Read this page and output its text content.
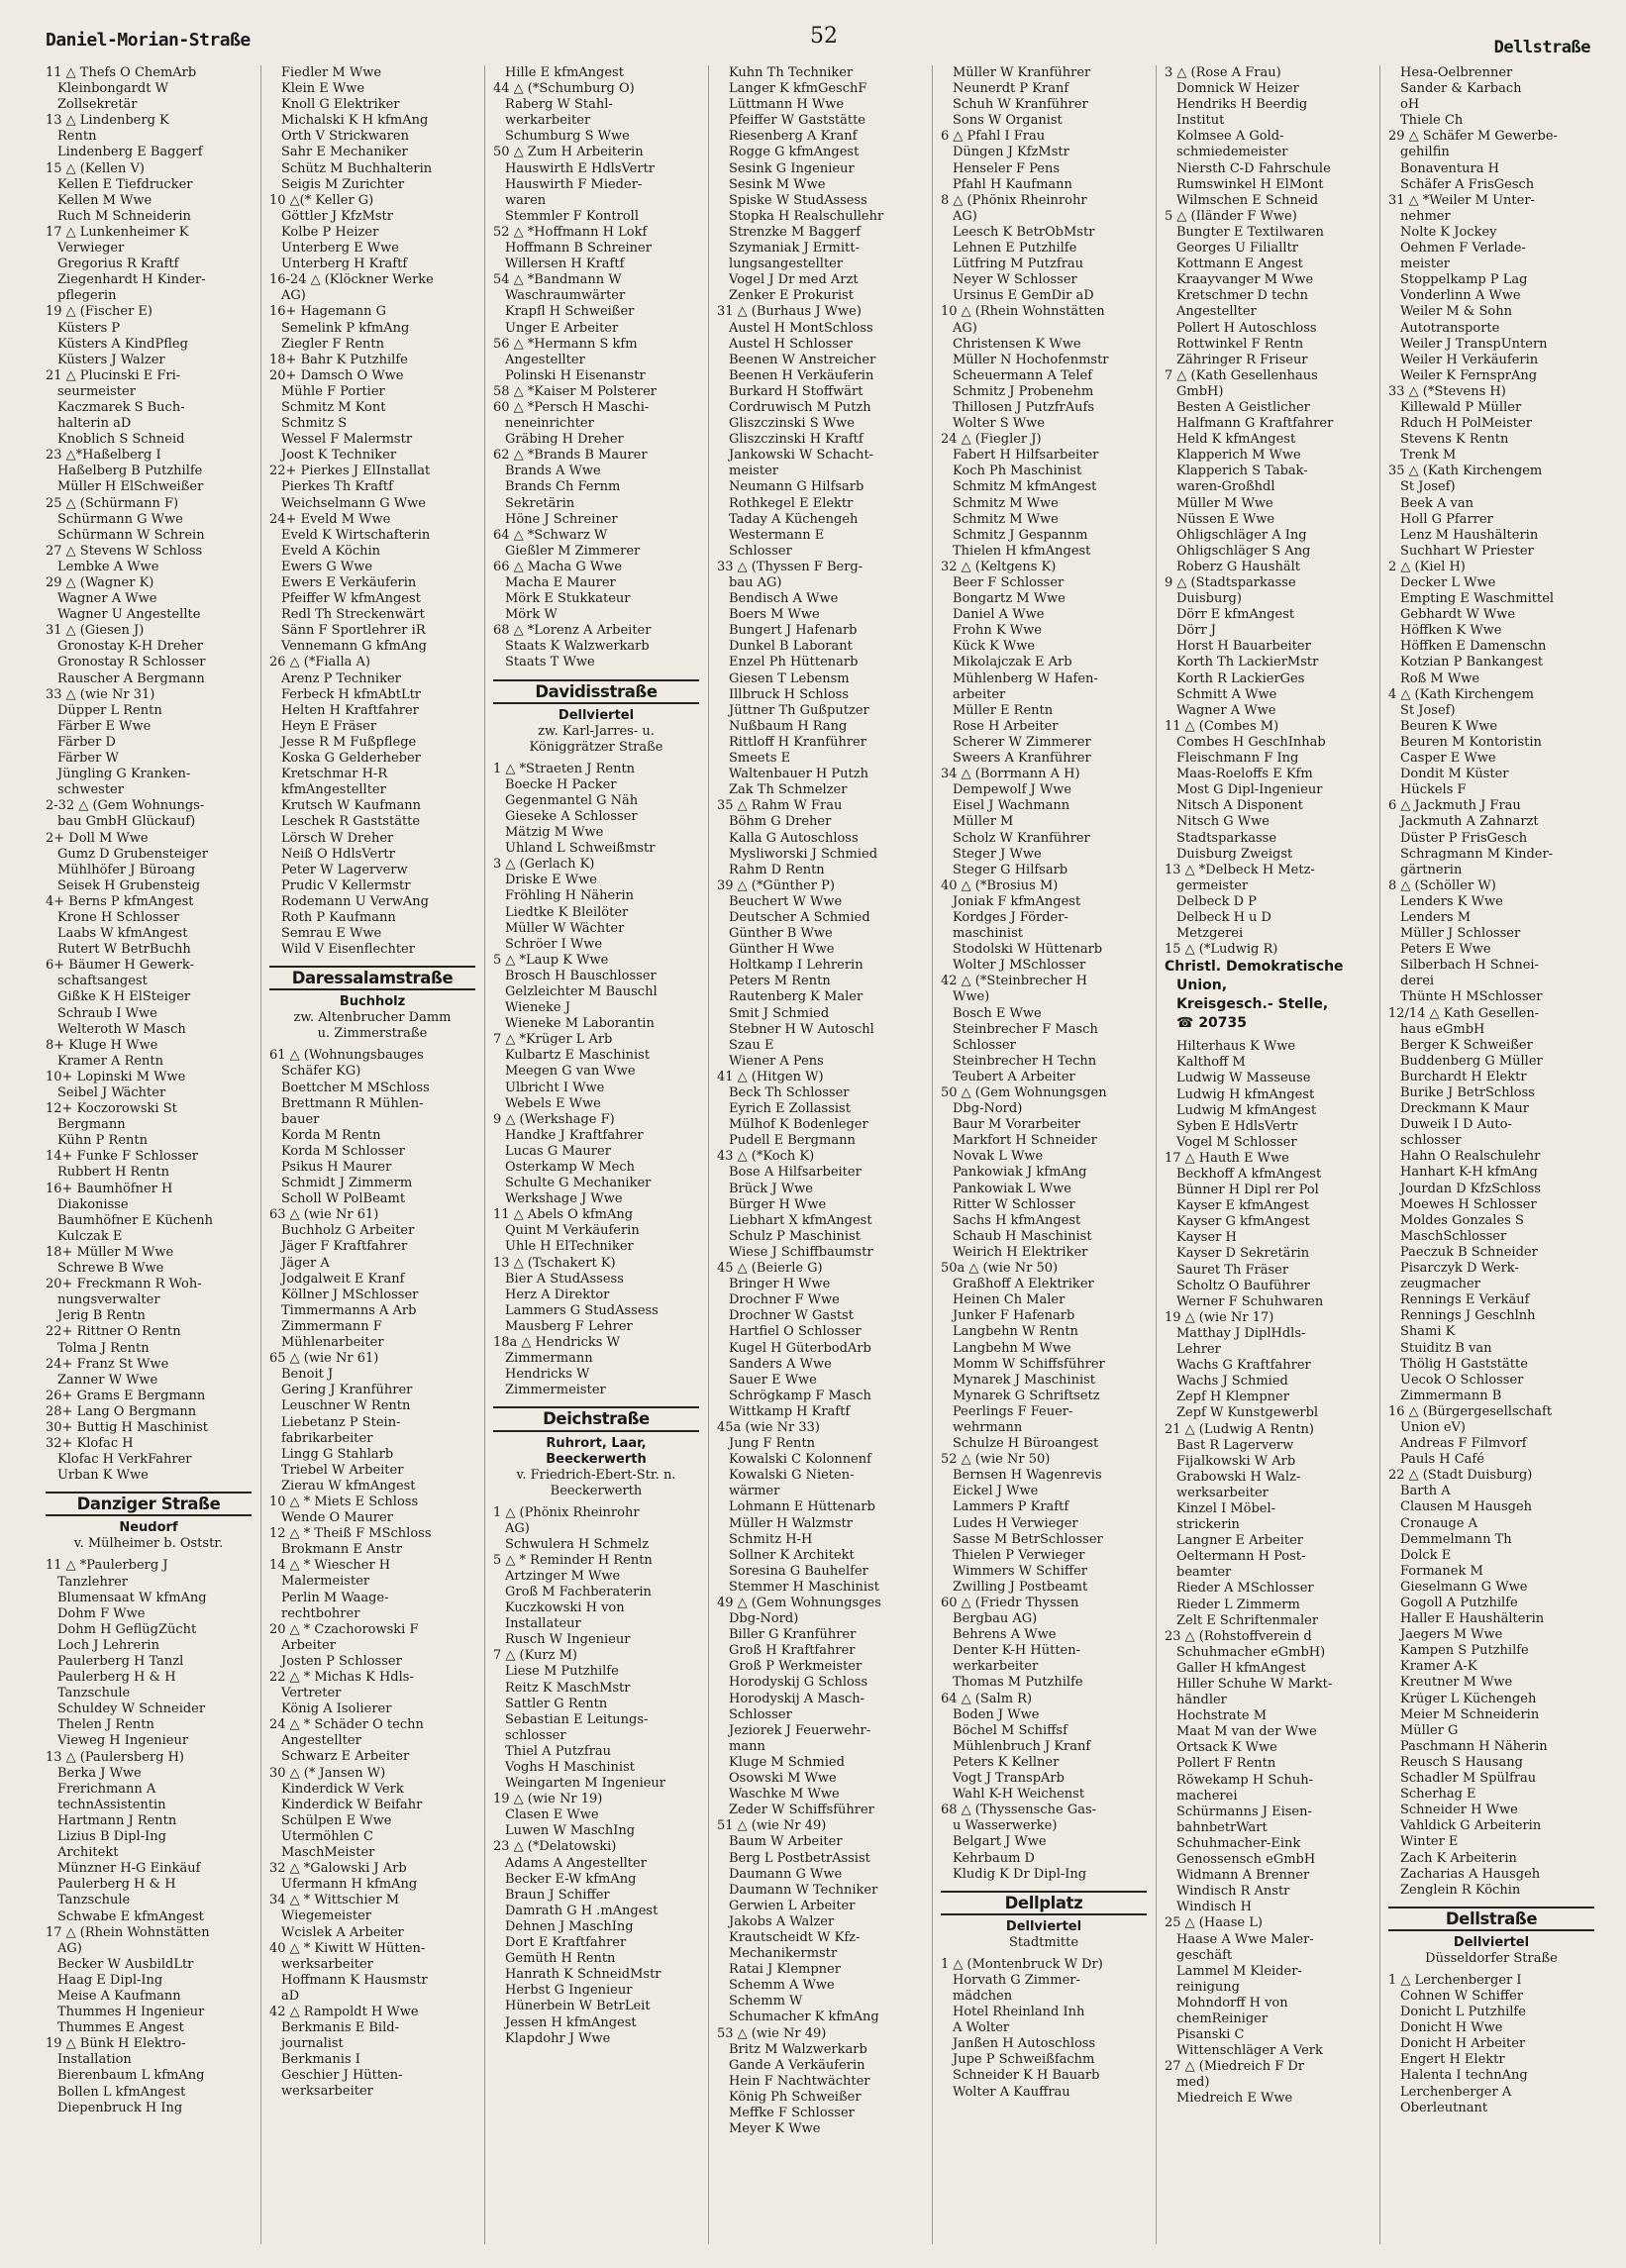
Daniel-Morian-Straße	52	Dellstraße
11 △ Thefs O ChemArb
Kleinbongardt W
Zollsekretär
13 △ Lindenberg K
Rentn
Lindenberg E Baggerf
15 △ (Kellen V)
Kellen E Tiefdrucker
Kellen M Wwe
Ruch M Schneiderin
17 △ Lunkenheimer K
Verwieger
Gregorius R Kraftf
Ziegenhardt H Kinder-
pflegerin
19 △ (Fischer E)
Küsters P
Küsters A KindPfleg
Küsters J Walzer
21 △ Plucinski E Fri-
seurmeister
Kaczmarek S Buch-
halterin aD
Knoblich S Schneid
23 △*Haßelberg I
Haßelberg B Putzhilfe
Müller H ElSchweißer
25 △ (Schürmann F)
Schürmann G Wwe
Schürmann W Schrein
27 △ Stevens W Schloss
Lembke A Wwe
29 △ (Wagner K)
Wagner A Wwe
Wagner U Angestellte
31 △ (Giesen J)
Gronostay K-H Dreher
Gronostay R Schlosser
Rauscher A Bergmann
33 △ (wie Nr 31)
Düpper L Rentn
Färber E Wwe
Färber D
Färber W
Jüngling G Kranken-
schwester
2-32 △ (Gem Wohnungs-
bau GmbH Glückauf)
2+ Doll M Wwe
Gumz D Grubensteiger
Mühlhöfer J Büroang
Seisek H Grubensteig
4+ Berns P kfmAngest
Krone H Schlosser
Laabs W kfmAngest
Rutert W BetrBuchh
6+ Bäumer H Gewerk-
schaftsangest
Gißke K H ElSteiger
Schraub I Wwe
Welteroth W Masch
8+ Kluge H Wwe
Kramer A Rentn
10+ Lopinski M Wwe
Seibel J Wächter
12+ Koczorowski St
Bergmann
Kühn P Rentn
14+ Funke F Schlosser
Rubbert H Rentn
16+ Baumhöfner H
Diakonisse
Baumhöfner E Küchenh
Kulczak E
18+ Müller M Wwe
Schrewe B Wwe
20+ Freckmann R Woh-
nungsverwalter
Jerig B Rentn
22+ Rittner O Rentn
Tolma J Rentn
24+ Franz St Wwe
Zanner W Wwe
26+ Grams E Bergmann
28+ Lang O Bergmann
30+ Buttig H Maschinist
32+ Klofac H
Klofac H VerkFahrer
Urban K Wwe
Danziger Straße
Neudorf
v. Mülheimer b. Oststr.
11 △ *Paulerberg J
Tanzlehrer
Blumensaat W kfmAng
Dohm F Wwe
Dohm H GeflügZücht
Loch J Lehrerin
Paulerberg H Tanzl
Paulerberg H & H
Tanzschule
Schuldey W Schneider
Thelen J Rentn
Vieweg H Ingenieur
13 △ (Paulersberg H)
Berka J Wwe
Frerichmann A
technAssistentin
Hartmann J Rentn
Lizius B Dipl-Ing
Architekt
Münzner H-G Einkäuf
Paulerberg H & H
Tanzschule
Schwabe E kfmAngest
17 △ (Rhein Wohnstätten
AG)
Becker W AusbildLtr
Haag E Dipl-Ing
Meise A Kaufmann
Thummes H Ingenieur
Thummes E Angest
19 △ Bünk H Elektro-
Installation
Bierenbaum L kfmAng
Bollen L kfmAngest
Diepenbruck H Ing
Fiedler M Wwe
Klein E Wwe
Knoll G Elektriker
Michalski K H kfmAng
Orth V Strickwaren
Sahr E Mechaniker
Schütz M Buchhalterin
Seigis M Zurichter
10 △(* Keller G)
Göttler J KfzMstr
Kolbe P Heizer
Unterberg E Wwe
Unterberg H Kraftf
16-24 △ (Klöckner Werke
AG)
16+ Hagemann G
Semelink P kfmAng
Ziegler F Rentn
18+ Bahr K Putzhilfe
20+ Damsch O Wwe
Mühle F Portier
Schmitz M Kont
Schmitz S
Wessel F Malermstr
Joost K Techniker
22+ Pierkes J ElInstallat
Pierkes Th Kraftf
Weichselmann G Wwe
24+ Eveld M Wwe
Eveld K Wirtschafterin
Eveld A Köchin
Ewers G Wwe
Ewers E Verkäuferin
Pfeiffer W kfmAngest
Redl Th Streckenwärt
Sänn F Sportlehrer iR
Vennemann G kfmAng
26 △ (*Fialla A)
Arenz P Techniker
Ferbeck H kfmAbtLtr
Helten H Kraftfahrer
Heyn E Fräser
Jesse R M Fußpflege
Koska G Gelderheber
Kretschmar H-R
kfmAngestellter
Krutsch W Kaufmann
Leschek R Gaststätte
Lörsch W Dreher
Neiß O HdlsVertr
Peter W Lagerverw
Prudic V Kellermstr
Rodemann U VerwAng
Roth P Kaufmann
Semrau E Wwe
Wild V Eisenflechter
Daressalamstraße
Buchholz
zw. Altenbrucher Damm
u. Zimmerstraße
61 △ (Wohnungsbauges
Schäfer KG)
Boettcher M MSchloss
Brettmann R Mühlen-
bauer
Korda M Rentn
Korda M Schlosser
Psikus H Maurer
Schmidt J Zimmerm
Scholl W PolBeamt
63 △ (wie Nr 61)
Buchholz G Arbeiter
Jäger F Kraftfahrer
Jäger A
Jodgalweit E Kranf
Köllner J MSchlosser
Timmermanns A Arb
Zimmermann F
Mühlenarbeiter
65 △ (wie Nr 61)
Benoit J
Gering J Kranführer
Leuschner W Rentn
Liebetanz P Stein-
fabrikarbeiter
Lingg G Stahlarb
Triebel W Arbeiter
Zierau W kfmAngest
10 △ * Miets E Schloss
Wende O Maurer
12 △ * Theiß F MSchloss
Brokmann E Anstr
14 △ * Wiescher H
Malermeister
Perlin M Waage-
rechtbohrer
20 △ * Czachorowski F
Arbeiter
Josten P Schlosser
22 △ * Michas K Hdls-
Vertreter
König A Isolierer
24 △ * Schäder O techn
Angestellter
Schwarz E Arbeiter
30 △ (* Jansen W)
Kinderdick W Verk
Kinderdick W Beifahr
Schülpen E Wwe
Utermöhlen C
MaschMeister
32 △ *Galowski J Arb
Ufermann H kfmAng
34 △ * Wittschier M
Wiegemeister
Wcislek A Arbeiter
40 △ * Kiwitt W Hütten-
werksarbeiter
Hoffmann K Hausmstr
aD
42 △ Rampoldt H Wwe
Berkmanis E Bild-
journalist
Berkmanis I
Geschier J Hütten-
werksarbeiter
Hille E kfmAngest
44 △ (*Schumburg O)
Raberg W Stahl-
werkarbeiter
Schumburg S Wwe
50 △ Zum H Arbeiterin
Hauswirth E HdlsVertr
Hauswirth F Mieder-
waren
Stemmler F Kontroll
52 △ *Hoffmann H Lokf
Hoffmann B Schreiner
Willersen H Kraftf
54 △ *Bandmann W
Waschraumwärter
Krapfl H Schweißer
Unger E Arbeiter
56 △ *Hermann S kfm
Angestellter
Polinski H Eisenanstr
58 △ *Kaiser M Polsterer
60 △ *Persch H Maschi-
neneinrichter
Gräbing H Dreher
62 △ *Brands B Maurer
Brands A Wwe
Brands Ch Fernm
Sekretärin
Höne J Schreiner
64 △ *Schwarz W
Gießler M Zimmerer
66 △ Macha G Wwe
Macha E Maurer
Mörk E Stukkateur
Mörk W
68 △ *Lorenz A Arbeiter
Staats K Walzwerkarb
Staats T Wwe
Davidisstraße
Dellviertel
zw. Karl-Jarres- u.
Königgrätzer Straße
1 △ *Straeten J Rentn
Boecke H Packer
Gegenmantel G Näh
Gieseke A Schlosser
Mätzig M Wwe
Uhland L Schweißmstr
3 △ (Gerlach K)
Driske E Wwe
Fröhling H Näherin
Liedtke K Bleilöter
Müller W Wächter
Schröer I Wwe
5 △ *Laup K Wwe
Brosch H Bauschlosser
Gelzleichter M Bauschl
Wieneke J
Wieneke M Laborantin
7 △ *Krüger L Arb
Kulbartz E Maschinist
Meegen G van Wwe
Ulbricht I Wwe
Webels E Wwe
9 △ (Werkshage F)
Handke J Kraftfahrer
Lucas G Maurer
Osterkamp W Mech
Schulte G Mechaniker
Werkshage J Wwe
11 △ Abels O kfmAng
Quint M Verkäuferin
Uhle H ElTechniker
13 △ (Tschakert K)
Bier A StudAssess
Herz A Direktor
Lammers G StudAssess
Mausberg F Lehrer
18a △ Hendricks W
Zimmermann
Hendricks W
Zimmermeister
Deichstraße
Ruhrort, Laar,
Beeckerwerth
v. Friedrich-Ebert-Str. n.
Beeckerwerth
1 △ (Phönix Rheinrohr
AG)
Schwulera H Schmelz
5 △ * Reminder H Rentn
Artzinger M Wwe
Groß M Fachberaterin
Kuczkowski H von
Installateur
Rusch W Ingenieur
7 △ (Kurz M)
Liese M Putzhilfe
Reitz K MaschMstr
Sattler G Rentn
Sebastian E Leitungs-
schlosser
Thiel A Putzfrau
Voghs H Maschinist
Weingarten M Ingenieur
19 △ (wie Nr 19)
Clasen E Wwe
Luwen W MaschIng
23 △ (*Delatowski)
Adams A Angestellter
Becker E-W kfmAng
Braun J Schiffer
Damrath G H .mAngest
Dehnen J MaschIng
Dort E Kraftfahrer
Gemüth H Rentn
Hanrath K SchneidMstr
Herbst G Ingenieur
Hünerbein W BetrLeit
Jessen H kfmAngest
Klapdohr J Wwe
Kuhn Th Techniker
Langer K kfmGeschF
Lüttmann H Wwe
Pfeiffer W Gaststätte
Riesenberg A Kranf
Rogge G kfmAngest
Sesink G Ingenieur
Sesink M Wwe
Spiske W StudAssess
Stopka H Realschullehr
Strenzke M Baggerf
Szymaniak J Ermitt-
lungsangestellter
Vogel J Dr med Arzt
Zenker E Prokurist
31 △ (Burhaus J Wwe)
Austel H MontSchloss
Austel H Schlosser
Beenen W Anstreicher
Beenen H Verkäuferin
Burkard H Stoffwärt
Cordruwisch M Putzh
Gliszczinski S Wwe
Gliszczinski H Kraftf
Jankowski W Schacht-
meister
Neumann G Hilfsarb
Rothkegel E Elektr
Taday A Küchengeh
Westermann E
Schlosser
33 △ (Thyssen F Berg-
bau AG)
Bendisch A Wwe
Boers M Wwe
Bungert J Hafenarb
Dunkel B Laborant
Enzel Ph Hüttenarb
Giesen T Lebensm
Illbruck H Schloss
Jüttner Th Gußputzer
Nußbaum H Rang
Rittloff H Kranführer
Smeets E
Waltenbauer H Putzh
Zak Th Schmelzer
35 △ Rahm W Frau
Böhm G Dreher
Kalla G Autoschloss
Mysliworski J Schmied
Rahm D Rentn
39 △ (*Günther P)
Beuchert W Wwe
Deutscher A Schmied
Günther B Wwe
Günther H Wwe
Holtkamp I Lehrerin
Peters M Rentn
Rautenberg K Maler
Smit J Schmied
Stebner H W Autoschl
Szau E
Wiener A Pens
41 △ (Hitgen W)
Beck Th Schlosser
Eyrich E Zollassist
Mülhof K Bodenleger
Pudell E Bergmann
43 △ (*Koch K)
Bose A Hilfsarbeiter
Brück J Wwe
Bürger H Wwe
Liebhart X kfmAngest
Schulz P Maschinist
Wiese J Schiffbaumstr
45 △ (Beierle G)
Bringer H Wwe
Drochner F Wwe
Drochner W Gastst
Hartfiel O Schlosser
Kugel H GüterbodArb
Sanders A Wwe
Sauer E Wwe
Schrögkamp F Masch
Wittkamp H Kraftf
45a (wie Nr 33)
Jung F Rentn
Kowalski C Kolonnenf
Kowalski G Nieten-
wärmer
Lohmann E Hüttenarb
Müller H Walzmstr
Schmitz H-H
Sollner K Architekt
Soresina G Bauhelfer
Stemmer H Maschinist
49 △ (Gem Wohnungsges
Dbg-Nord)
Biller G Kranführer
Groß H Kraftfahrer
Groß P Werkmeister
Horodyskij G Schloss
Horodyskij A Masch-
Schlosser
Jeziorek J Feuerwehr-
mann
Kluge M Schmied
Osowski M Wwe
Waschke M Wwe
Zeder W Schiffsführer
51 △ (wie Nr 49)
Baum W Arbeiter
Berg L PostbetrAssist
Daumann G Wwe
Daumann W Techniker
Gerwien L Arbeiter
Jakobs A Walzer
Krautscheidt W Kfz-
Mechanikermstr
Ratai J Klempner
Schemm A Wwe
Schemm W
Schumacher K kfmAng
53 △ (wie Nr 49)
Britz M Walzwerkarb
Gande A Verkäuferin
Hein F Nachtwächter
König Ph Schweißer
Meffke F Schlosser
Meyer K Wwe
Müller W Kranführer
Neunerdt P Kranf
Schuh W Kranführer
Sons W Organist
6 △ Pfahl I Frau
Düngen J KfzMstr
Henseler F Pens
Pfahl H Kaufmann
8 △ (Phönix Rheinrohr
AG)
Leesch K BetrObMstr
Lehnen E Putzhilfe
Lütfring M Putzfrau
Neyer W Schlosser
Ursinus E GemDir aD
10 △ (Rhein Wohnstätten
AG)
Christensen K Wwe
Müller N Hochofenmstr
Scheuermann A Telef
Schmitz J Probenehm
Thillosen J PutzfrAufs
Wolter S Wwe
24 △ (Fiegler J)
Fabert H Hilfsarbeiter
Koch Ph Maschinist
Schmitz M kfmAngest
Schmitz M Wwe
Schmitz M Wwe
Schmitz J Gespannm
Thielen H kfmAngest
32 △ (Keltgens K)
Beer F Schlosser
Bongartz M Wwe
Daniel A Wwe
Frohn K Wwe
Kück K Wwe
Mikolajczak E Arb
Mühlenberg W Hafen-
arbeiter
Müller E Rentn
Rose H Arbeiter
Scherer W Zimmerer
Sweers A Kranführer
34 △ (Borrmann A H)
Dempewolf J Wwe
Eisel J Wachmann
Müller M
Scholz W Kranführer
Steger J Wwe
Steger G Hilfsarb
40 △ (*Brosius M)
Joniak F kfmAngest
Kordges J Förder-
maschinist
Stodolski W Hüttenarb
Wolter J MSchlosser
42 △ (*Steinbrecher H
Wwe)
Bosch E Wwe
Steinbrecher F Masch
Schlosser
Steinbrecher H Techn
Teubert A Arbeiter
50 △ (Gem Wohnungsgen
Dbg-Nord)
Baur M Vorarbeiter
Markfort H Schneider
Novak L Wwe
Pankowiak J kfmAng
Pankowiak L Wwe
Ritter W Schlosser
Sachs H kfmAngest
Schaub H Maschinist
Weirich H Elektriker
50a △ (wie Nr 50)
Graßhoff A Elektriker
Heinen Ch Maler
Junker F Hafenarb
Langbehn W Rentn
Langbehn M Wwe
Momm W Schiffsführer
Mynarek J Maschinist
Mynarek G Schriftsetz
Peerlings F Feuer-
wehrmann
Schulze H Büroangest
52 △ (wie Nr 50)
Bernsen H Wagenrevis
Eickel J Wwe
Lammers P Kraftf
Ludes H Verwieger
Sasse M BetrSchlosser
Thielen P Verwieger
Wimmers W Schiffer
Zwilling J Postbeamt
60 △ (Friedr Thyssen
Bergbau AG)
Behrens A Wwe
Denter K-H Hütten-
werkarbeiter
Thomas M Putzhilfe
64 △ (Salm R)
Boden J Wwe
Böchel M Schiffsf
Mühlenbruch J Kranf
Peters K Kellner
Vogt J TranspArb
Wahl K-H Weichenst
68 △ (Thyssensche Gas-
u Wasserwerke)
Belgart J Wwe
Kehrbaum D
Kludig K Dr Dipl-Ing
Dellplatz
Dellviertel
Stadtmitte
1 △ (Montenbruck W Dr)
Horvath G Zimmer-
mädchen
Hotel Rheinland Inh
A Wolter
Janßen H Autoschloss
Jupe P Schweißfachm
Schneider K H Bauarb
Wolter A Kauffrau
3 △ (Rose A Frau)
Domnick W Heizer
Hendriks H Beerdig
Institut
Kolmsee A Gold-
schmiedemeister
Niersth C-D Fahrschule
Rumswinkel H ElMont
Wilmschen E Schneid
5 △ (Iländer F Wwe)
Bungter E Textilwaren
Georges U Filialltr
Kottmann E Angest
Kraayvanger M Wwe
Kretschmer D techn
Angestellter
Pollert H Autoschloss
Rottwinkel F Rentn
Zähringer R Friseur
7 △ (Kath Gesellenhaus
GmbH)
Besten A Geistlicher
Halfmann G Kraftfahrer
Held K kfmAngest
Klapperich M Wwe
Klapperich S Tabak-
waren-Großhdl
Müller M Wwe
Nüssen E Wwe
Ohligschläger A Ing
Ohligschläger S Ang
Roberz G Haushält
9 △ (Stadtsparkasse
Duisburg)
Dörr E kfmAngest
Dörr J
Horst H Bauarbeiter
Korth Th LackierMstr
Korth R LackierGes
Schmitt A Wwe
Wagner A Wwe
11 △ (Combes M)
Combes H GeschInhab
Fleischmann F Ing
Maas-Roeloffs E Kfm
Most G Dipl-Ingenieur
Nitsch A Disponent
Nitsch G Wwe
Stadtsparkasse
Duisburg Zweigst
13 △ *Delbeck H Metz-
germeister
Delbeck D P
Delbeck H u D
Metzgerei
15 △ (*Ludwig R)
Christl. Demokratische
Union,
Kreisgesch.- Stelle,
☎ 20735
Hilterhaus K Wwe
Kalthoff M
Ludwig W Masseuse
Ludwig H kfmAngest
Ludwig M kfmAngest
Syben E HdlsVertr
Vogel M Schlosser
17 △ Hauth E Wwe
Beckhoff A kfmAngest
Bünner H Dipl rer Pol
Kayser E kfmAngest
Kayser G kfmAngest
Kayser H
Kayser D Sekretärin
Sauret Th Fräser
Scholtz O Bauführer
Werner F Schuhwaren
19 △ (wie Nr 17)
Matthay J DiplHdls-
Lehrer
Wachs G Kraftfahrer
Wachs J Schmied
Zepf H Klempner
Zepf W Kunstgewerbl
21 △ (Ludwig A Rentn)
Bast R Lagerverw
Fijalkowski W Arb
Grabowski H Walz-
werksarbeiter
Kinzel I Möbel-
strickerin
Langner E Arbeiter
Oeltermann H Post-
beamter
Rieder A MSchlosser
Rieder L Zimmerm
Zelt E Schriftenmaler
23 △ (Rohstoffverein d
Schuhmacher eGmbH)
Galler H kfmAngest
Hiller Schuhe W Markt-
händler
Hochstrate M
Maat M van der Wwe
Ortsack K Wwe
Pollert F Rentn
Röwekamp H Schuh-
macherei
Schürmanns J Eisen-
bahnbetrWart
Schuhmacher-Eink
Genossensch eGmbH
Widmann A Brenner
Windisch R Anstr
Windisch H
25 △ (Haase L)
Haase A Wwe Maler-
geschäft
Lammel M Kleider-
reinigung
Mohndorff H von
chemReiniger
Pisanski C
Wittenschläger A Verk
27 △ (Miedreich F Dr
med)
Miedreich E Wwe
Hesa-Oelbrenner
Sander & Karbach
oH
Thiele Ch
29 △ Schäfer M Gewerbe-
gehilfin
Bonaventura H
Schäfer A FrisGesch
31 △ *Weiler M Unter-
nehmer
Nolte K Jockey
Oehmen F Verlade-
meister
Stoppelkamp P Lag
Vonderlinn A Wwe
Weiler M & Sohn
Autotransporte
Weiler J TranspUntern
Weiler H Verkäuferin
Weiler K FernsprAng
33 △ (*Stevens H)
Killewald P Müller
Rduch H PolMeister
Stevens K Rentn
Trenk M
35 △ (Kath Kirchengem
St Josef)
Beek A van
Holl G Pfarrer
Lenz M Haushälterin
Suchhart W Priester
2 △ (Kiel H)
Decker L Wwe
Empting E Waschmittel
Gebhardt W Wwe
Höffken K Wwe
Höffken E Damenschn
Kotzian P Bankangest
Roß M Wwe
4 △ (Kath Kirchengem
St Josef)
Beuren K Wwe
Beuren M Kontoristin
Casper E Wwe
Dondit M Küster
Hückels F
6 △ Jackmuth J Frau
Jackmuth A Zahnarzt
Düster P FrisGesch
Schragmann M Kinder-
gärtnerin
8 △ (Schöller W)
Lenders K Wwe
Lenders M
Müller J Schlosser
Peters E Wwe
Silberbach H Schnei-
derei
Thünte H MSchlosser
12/14 △ Kath Gesellen-
haus eGmbH
Berger K Schweißer
Buddenberg G Müller
Burchardt H Elektr
Burike J BetrSchloss
Dreckmann K Maur
Duweik I D Auto-
schlosser
Hahn O Realschulehr
Hanhart K-H kfmAng
Jourdan D KfzSchloss
Moewes H Schlosser
Moldes Gonzales S
MaschSchlosser
Paeczuk B Schneider
Pisarczyk D Werk-
zeugmacher
Rennings E Verkäuf
Rennings J Geschlnh
Shami K
Stuiditz B van
Thölig H Gaststätte
Uecok O Schlosser
Zimmermann B
16 △ (Bürgergesellschaft
Union eV)
Andreas F Filmvorf
Pauls H Café
22 △ (Stadt Duisburg)
Barth A
Clausen M Hausgeh
Cronauge A
Demmelmann Th
Dolck E
Formanek M
Gieselmann G Wwe
Gogoll A Putzhilfe
Haller E Haushälterin
Jaegers M Wwe
Kampen S Putzhilfe
Kramer A-K
Kreutner M Wwe
Krüger L Küchengeh
Meier M Schneiderin
Müller G
Paschmann H Näherin
Reusch S Hausang
Schadler M Spülfrau
Scherhag E
Schneider H Wwe
Vahldick G Arbeiterin
Winter E
Zach K Arbeiterin
Zacharias A Hausgeh
Zenglein R Köchin
Dellstraße
Dellviertel
Düsseldorfer Straße
1 △ Lerchenberger I
Cohnen W Schiffer
Donicht L Putzhilfe
Donicht H Wwe
Donicht H Arbeiter
Engert H Elektr
Halenta I technAng
Lerchenberger A
Oberleutnant
